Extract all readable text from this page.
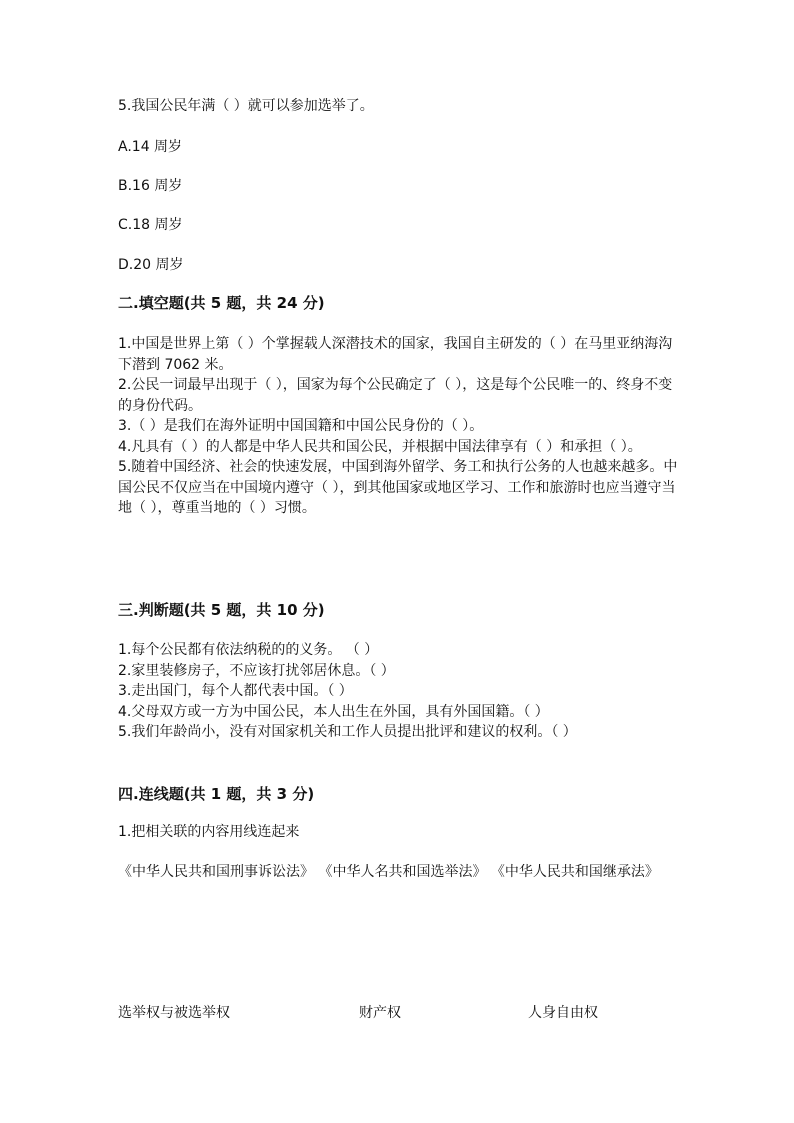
5.我国公民年满（ ）就可以参加选举了。
A.14 周岁
B.16 周岁
C.18 周岁
D.20 周岁
二.填空题(共 5 题，共 24 分)

1.中国是世界上第（ ）个掌握载人深潜技术的国家，我国自主研发的（ ）在马里亚纳海沟下潜到 7062 米。

2.公民一词最早出现于（ ），国家为每个公民确定了（ ），这是每个公民唯一的、终身不变的身份代码。

3.（ ）是我们在海外证明中国国籍和中国公民身份的（ ）。

4.凡具有（ ）的人都是中华人民共和国公民，并根据中国法律享有（ ）和承担（ ）。

5.随着中国经济、社会的快速发展，中国到海外留学、务工和执行公务的人也越来越多。中国公民不仅应当在中国境内遵守（ ），到其他国家或地区学习、工作和旅游时也应当遵守当地（ ），尊重当地的（ ）习惯。

三.判断题(共 5 题，共 10 分)

1.每个公民都有依法纳税的的义务。 （ ）

2.家里装修房子，不应该打扰邻居休息。（ ）

3.走出国门，每个人都代表中国。（ ）

4.父母双方或一方为中国公民，本人出生在外国，具有外国国籍。（ ）

5.我们年龄尚小，没有对国家机关和工作人员提出批评和建议的权利。（ ）

四.连线题(共 1 题，共 3 分)
1.把相关联的内容用线连起来
《中华人民共和国刑事诉讼法》 《中华人名共和国选举法》 《中华人民共和国继承法》
选举权与被选举权	财产权	人身自由权
